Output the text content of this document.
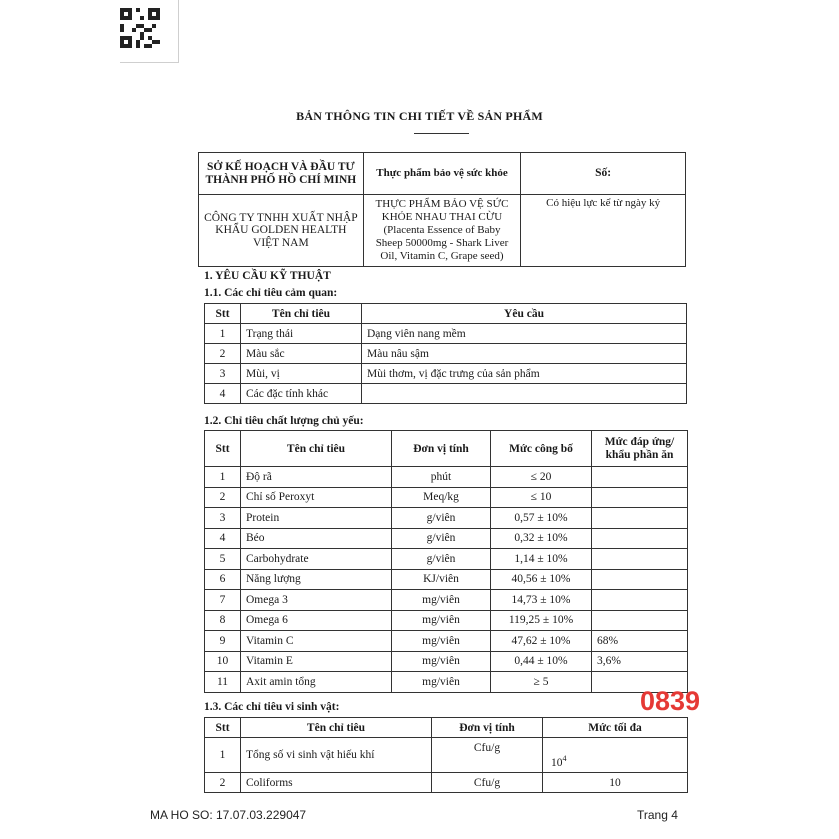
BẢN THÔNG TIN CHI TIẾT VỀ SẢN PHẨM
SỞ KẾ HOẠCH VÀ ĐẦU TƯ THÀNH PHỐ HỒ CHÍ MINH	Thực phẩm bảo vệ sức khỏe	Số:
CÔNG TY TNHH XUẤT NHẬP KHẨU GOLDEN HEALTH VIỆT NAM	THỰC PHẨM BẢO VỆ SỨC KHỎE NHAU THAI CỪU (Placenta Essence of Baby Sheep 50000mg - Shark Liver Oil, Vitamin C, Grape seed)	Có hiệu lực kể từ ngày ký
1. YÊU CẦU KỸ THUẬT
1.1. Các chỉ tiêu cảm quan:
Stt	Tên chỉ tiêu	Yêu cầu
1	Trạng thái	Dạng viên nang mềm
2	Màu sắc	Màu nâu sậm
3	Mùi, vị	Mùi thơm, vị đặc trưng của sản phẩm
4	Các đặc tính khác	
1.2. Chỉ tiêu chất lượng chủ yếu:
Stt	Tên chỉ tiêu	Đơn vị tính	Mức công bố	Mức đáp ứng/ khẩu phần ăn
1	Độ rã	phút	≤ 20	
2	Chỉ số Peroxyt	Meq/kg	≤ 10	
3	Protein	g/viên	0,57 ± 10%	
4	Béo	g/viên	0,32 ± 10%	
5	Carbohydrate	g/viên	1,14 ± 10%	
6	Năng lượng	KJ/viên	40,56 ± 10%	
7	Omega 3	mg/viên	14,73 ± 10%	
8	Omega 6	mg/viên	119,25 ± 10%	
9	Vitamin C	mg/viên	47,62 ± 10%	68%
10	Vitamin E	mg/viên	0,44 ± 10%	3,6%
11	Axit amin tổng	mg/viên	≥ 5	
0839
1.3. Các chỉ tiêu vi sinh vật:
Stt	Tên chỉ tiêu	Đơn vị tính	Mức tối đa
1	Tổng số vi sinh vật hiếu khí	Cfu/g	$10^4$
2	Coliforms	Cfu/g	10
MA HO SO: 17.07.03.229047	Trang 4
